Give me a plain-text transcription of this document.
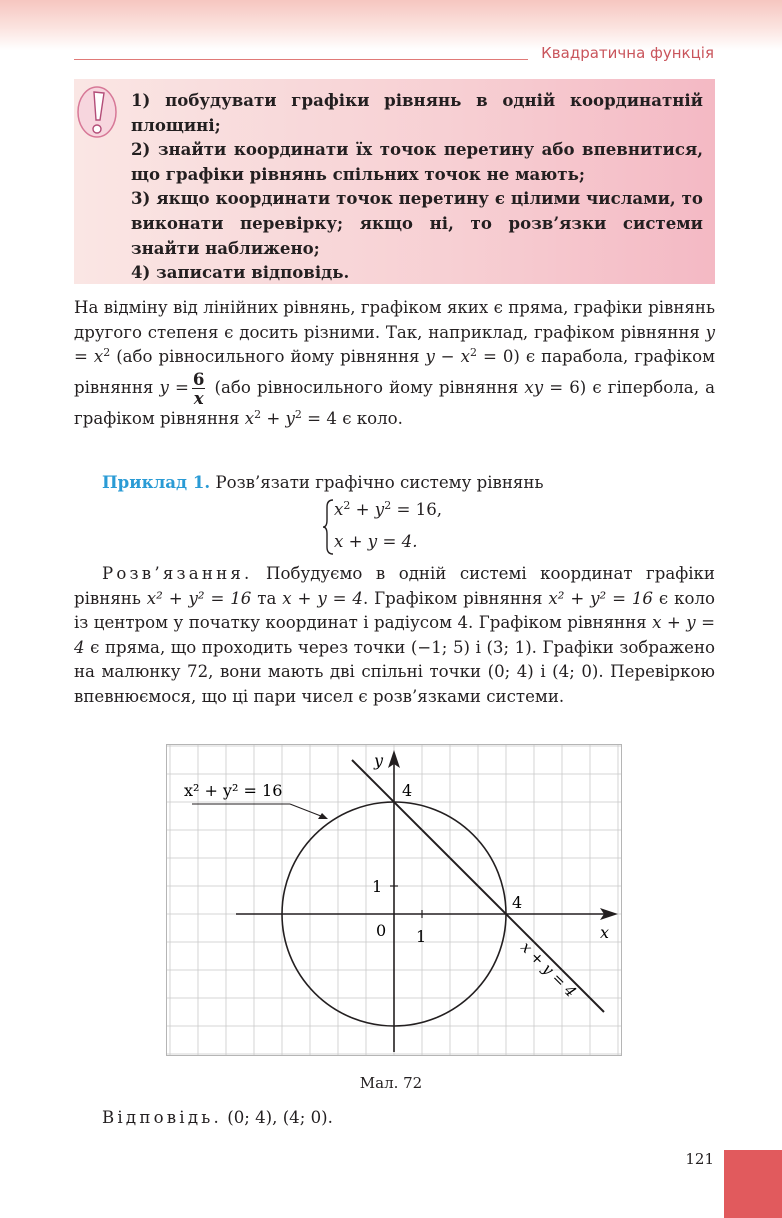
Квадратична функція
1) побудувати графіки рівнянь в одній координатній площині;
2) знайти координати їх точок перетину або впевнитися, що графіки рівнянь спільних точок не мають;
3) якщо координати точок перетину є цілими числами, то виконати перевірку; якщо ні, то розв’язки системи знайти наближено;
4) записати відповідь.

На відміну від лінійних рівнянь, графіком яких є пряма, графіки рівнянь другого степеня є досить різними. Так, наприклад, графіком рівняння $y = x^2$ (або рівносильного йому рівняння $y - x^2 = 0$) є парабола, графіком рівняння $y = \frac{6}{x} (або$ рівносильного йому рівняння xy = 6) є гіпербола, а графіком рівняння $x^2 + y^2 = 4$ є коло.

Приклад 1. Розв’язати графічно систему рівнянь
$x^2 + y^2 = 16$,
x + y = 4.

Розв’язання. Побудуємо в одній системі координат графіки рівнянь x² + y² = 16 та x + y = 4. Графіком рівняння x² + y² = 16 є коло із центром у початку координат і радіусом 4. Графіком рівняння x + y = 4 є пряма, що проходить через точки (−1; 5) і (3; 1). Графіки зображено на малюнку 72, вони мають дві спільні точки (0; 4) і (4; 0). Перевіркою впевнюємося, що ці пари чисел є розв’язками системи.

x² + y² = 16
y
x
4
4
0 1
1
x + y = 4
Мал. 72
Відповідь. (0; 4), (4; 0).
121
